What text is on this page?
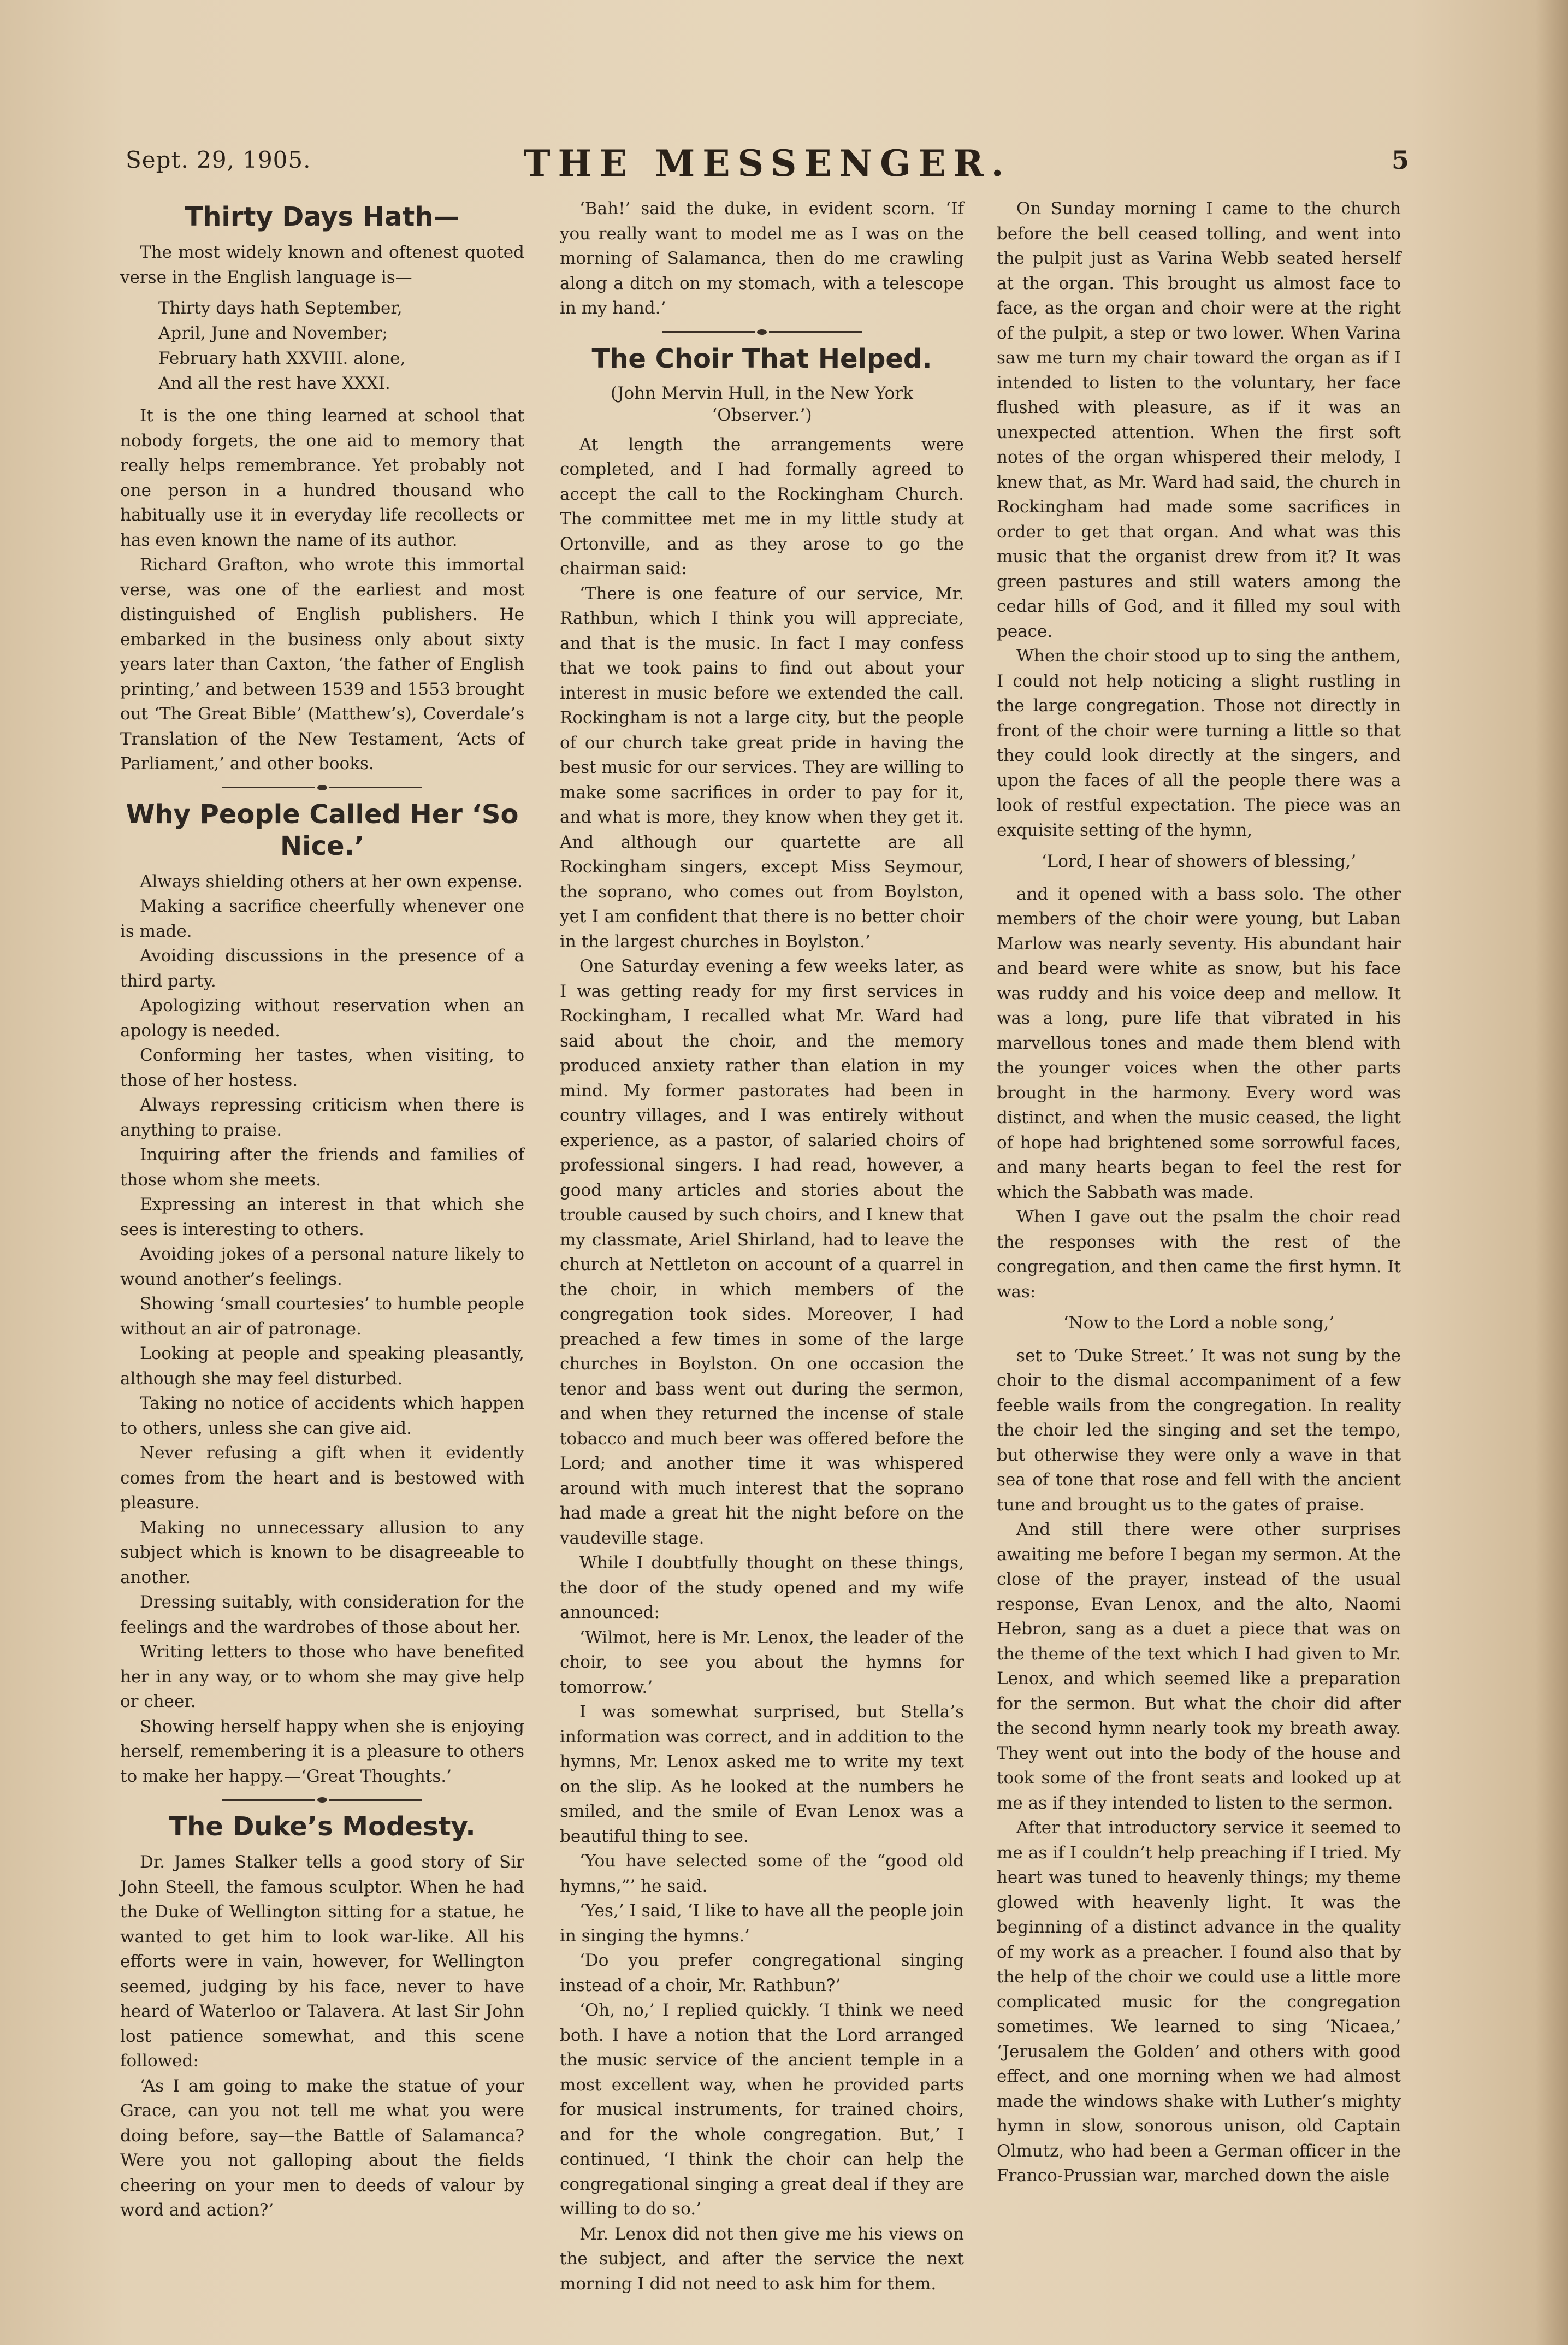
Sept. 29, 1905.	THE MESSENGER.	5
Thirty Days Hath—

The most widely known and oftenest quoted verse in the English language is—

Thirty days hath September,
April, June and November;
February hath XXVIII. alone,
And all the rest have XXXI.

It is the one thing learned at school that nobody forgets, the one aid to memory that really helps remembrance. Yet probably not one person in a hundred thousand who habitually use it in everyday life recollects or has even known the name of its author.

Richard Grafton, who wrote this immortal verse, was one of the earliest and most distinguished of English publishers. He embarked in the business only about sixty years later than Caxton, ‘the father of English printing,’ and between 1539 and 1553 brought out ‘The Great Bible’ (Matthew’s), Coverdale’s Translation of the New Testament, ‘Acts of Parliament,’ and other books.

Why People Called Her ‘So Nice.’

Always shielding others at her own expense.

Making a sacrifice cheerfully whenever one is made.

Avoiding discussions in the presence of a third party.

Apologizing without reservation when an apology is needed.

Conforming her tastes, when visiting, to those of her hostess.

Always repressing criticism when there is anything to praise.

Inquiring after the friends and families of those whom she meets.

Expressing an interest in that which she sees is interesting to others.

Avoiding jokes of a personal nature likely to wound another’s feelings.

Showing ‘small courtesies’ to humble people without an air of patronage.

Looking at people and speaking pleasantly, although she may feel disturbed.

Taking no notice of accidents which happen to others, unless she can give aid.

Never refusing a gift when it evidently comes from the heart and is bestowed with pleasure.

Making no unnecessary allusion to any subject which is known to be disagreeable to another.

Dressing suitably, with consideration for the feelings and the wardrobes of those about her.

Writing letters to those who have benefited her in any way, or to whom she may give help or cheer.

Showing herself happy when she is enjoying herself, remembering it is a pleasure to others to make her happy.—‘Great Thoughts.’

The Duke’s Modesty.

Dr. James Stalker tells a good story of Sir John Steell, the famous sculptor. When he had the Duke of Wellington sitting for a statue, he wanted to get him to look war-like. All his efforts were in vain, however, for Wellington seemed, judging by his face, never to have heard of Waterloo or Talavera. At last Sir John lost patience somewhat, and this scene followed:

‘As I am going to make the statue of your Grace, can you not tell me what you were doing before, say—the Battle of Salamanca? Were you not galloping about the fields cheering on your men to deeds of valour by word and action?’

‘Bah!’ said the duke, in evident scorn. ‘If you really want to model me as I was on the morning of Salamanca, then do me crawling along a ditch on my stomach, with a telescope in my hand.’

The Choir That Helped.
(John Mervin Hull, in the New York ‘Observer.’)

At length the arrangements were completed, and I had formally agreed to accept the call to the Rockingham Church. The committee met me in my little study at Ortonville, and as they arose to go the chairman said:

‘There is one feature of our service, Mr. Rathbun, which I think you will appreciate, and that is the music. In fact I may confess that we took pains to find out about your interest in music before we extended the call. Rockingham is not a large city, but the people of our church take great pride in having the best music for our services. They are willing to make some sacrifices in order to pay for it, and what is more, they know when they get it. And although our quartette are all Rockingham singers, except Miss Seymour, the soprano, who comes out from Boylston, yet I am confident that there is no better choir in the largest churches in Boylston.’

One Saturday evening a few weeks later, as I was getting ready for my first services in Rockingham, I recalled what Mr. Ward had said about the choir, and the memory produced anxiety rather than elation in my mind. My former pastorates had been in country villages, and I was entirely without experience, as a pastor, of salaried choirs of professional singers. I had read, however, a good many articles and stories about the trouble caused by such choirs, and I knew that my classmate, Ariel Shirland, had to leave the church at Nettleton on account of a quarrel in the choir, in which members of the congregation took sides. Moreover, I had preached a few times in some of the large churches in Boylston. On one occasion the tenor and bass went out during the sermon, and when they returned the incense of stale tobacco and much beer was offered before the Lord; and another time it was whispered around with much interest that the soprano had made a great hit the night before on the vaudeville stage.

While I doubtfully thought on these things, the door of the study opened and my wife announced:

‘Wilmot, here is Mr. Lenox, the leader of the choir, to see you about the hymns for tomorrow.’

I was somewhat surprised, but Stella’s information was correct, and in addition to the hymns, Mr. Lenox asked me to write my text on the slip. As he looked at the numbers he smiled, and the smile of Evan Lenox was a beautiful thing to see.

‘You have selected some of the “good old hymns,”’ he said.

‘Yes,’ I said, ‘I like to have all the people join in singing the hymns.’

‘Do you prefer congregational singing instead of a choir, Mr. Rathbun?’

‘Oh, no,’ I replied quickly. ‘I think we need both. I have a notion that the Lord arranged the music service of the ancient temple in a most excellent way, when he provided parts for musical instruments, for trained choirs, and for the whole congregation. But,’ I continued, ‘I think the choir can help the congregational singing a great deal if they are willing to do so.’

Mr. Lenox did not then give me his views on the subject, and after the service the next morning I did not need to ask him for them.

On Sunday morning I came to the church before the bell ceased tolling, and went into the pulpit just as Varina Webb seated herself at the organ. This brought us almost face to face, as the organ and choir were at the right of the pulpit, a step or two lower. When Varina saw me turn my chair toward the organ as if I intended to listen to the voluntary, her face flushed with pleasure, as if it was an unexpected attention. When the first soft notes of the organ whispered their melody, I knew that, as Mr. Ward had said, the church in Rockingham had made some sacrifices in order to get that organ. And what was this music that the organist drew from it? It was green pastures and still waters among the cedar hills of God, and it filled my soul with peace.

When the choir stood up to sing the anthem, I could not help noticing a slight rustling in the large congregation. Those not directly in front of the choir were turning a little so that they could look directly at the singers, and upon the faces of all the people there was a look of restful expectation. The piece was an exquisite setting of the hymn,

‘Lord, I hear of showers of blessing,’

and it opened with a bass solo. The other members of the choir were young, but Laban Marlow was nearly seventy. His abundant hair and beard were white as snow, but his face was ruddy and his voice deep and mellow. It was a long, pure life that vibrated in his marvellous tones and made them blend with the younger voices when the other parts brought in the harmony. Every word was distinct, and when the music ceased, the light of hope had brightened some sorrowful faces, and many hearts began to feel the rest for which the Sabbath was made.

When I gave out the psalm the choir read the responses with the rest of the congregation, and then came the first hymn. It was:

‘Now to the Lord a noble song,’

set to ‘Duke Street.’ It was not sung by the choir to the dismal accompaniment of a few feeble wails from the congregation. In reality the choir led the singing and set the tempo, but otherwise they were only a wave in that sea of tone that rose and fell with the ancient tune and brought us to the gates of praise.

And still there were other surprises awaiting me before I began my sermon. At the close of the prayer, instead of the usual response, Evan Lenox, and the alto, Naomi Hebron, sang as a duet a piece that was on the theme of the text which I had given to Mr. Lenox, and which seemed like a preparation for the sermon. But what the choir did after the second hymn nearly took my breath away. They went out into the body of the house and took some of the front seats and looked up at me as if they intended to listen to the sermon.

After that introductory service it seemed to me as if I couldn’t help preaching if I tried. My heart was tuned to heavenly things; my theme glowed with heavenly light. It was the beginning of a distinct advance in the quality of my work as a preacher. I found also that by the help of the choir we could use a little more complicated music for the congregation sometimes. We learned to sing ‘Nicaea,’ ‘Jerusalem the Golden’ and others with good effect, and one morning when we had almost made the windows shake with Luther’s mighty hymn in slow, sonorous unison, old Captain Olmutz, who had been a German officer in the Franco-Prussian war, marched down the aisle
